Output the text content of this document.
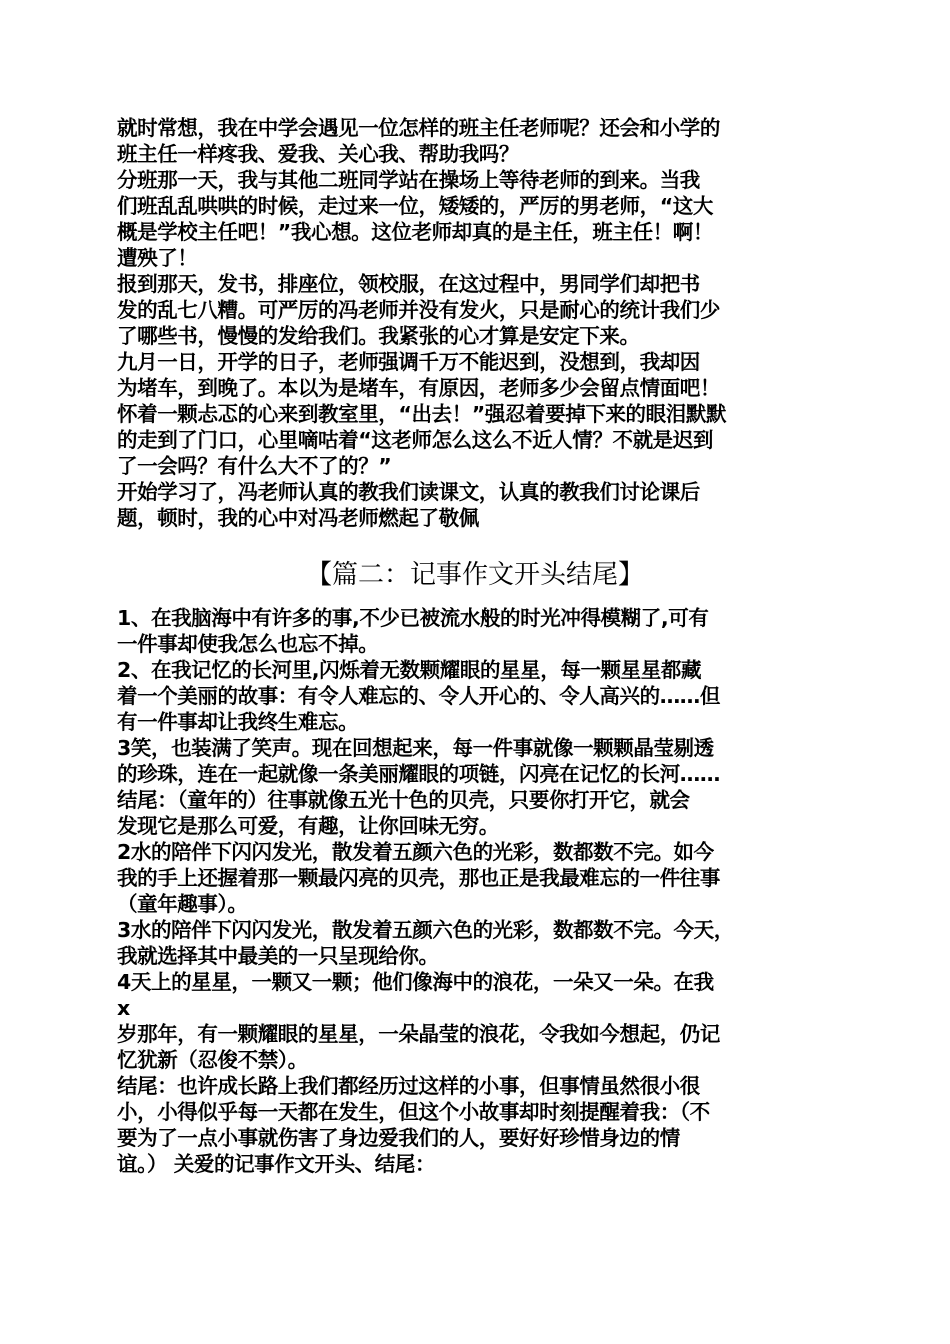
就时常想，我在中学会遇见一位怎样的班主任老师呢？还会和小学的
班主任一样疼我、爱我、关心我、帮助我吗？
分班那一天，我与其他二班同学站在操场上等待老师的到来。当我
们班乱乱哄哄的时候，走过来一位，矮矮的，严厉的男老师，“这大
概是学校主任吧！”我心想。这位老师却真的是主任，班主任！啊！
遭殃了！
报到那天，发书，排座位，领校服，在这过程中，男同学们却把书
发的乱七八糟。可严厉的冯老师并没有发火，只是耐心的统计我们少
了哪些书，慢慢的发给我们。我紧张的心才算是安定下来。
九月一日，开学的日子，老师强调千万不能迟到，没想到，我却因
为堵车，到晚了。本以为是堵车，有原因，老师多少会留点情面吧！
怀着一颗忐忑的心来到教室里，“出去！”强忍着要掉下来的眼泪默默
的走到了门口，心里嘀咕着“这老师怎么这么不近人情？不就是迟到
了一会吗？有什么大不了的？”
开始学习了，冯老师认真的教我们读课文，认真的教我们讨论课后
题，顿时，我的心中对冯老师燃起了敬佩
【篇二：记事作文开头结尾】
1、在我脑海中有许多的事,不少已被流水般的时光冲得模糊了,可有
一件事却使我怎么也忘不掉。
2、在我记忆的长河里,闪烁着无数颗耀眼的星星，每一颗星星都藏
着一个美丽的故事：有令人难忘的、令人开心的、令人高兴的……但
有一件事却让我终生难忘。
3笑，也装满了笑声。现在回想起来，每一件事就像一颗颗晶莹剔透
的珍珠，连在一起就像一条美丽耀眼的项链，闪亮在记忆的长河……
结尾：（童年的）往事就像五光十色的贝壳，只要你打开它，就会
发现它是那么可爱，有趣，让你回味无穷。
2水的陪伴下闪闪发光，散发着五颜六色的光彩，数都数不完。如今
我的手上还握着那一颗最闪亮的贝壳，那也正是我最难忘的一件往事
（童年趣事）。
3水的陪伴下闪闪发光，散发着五颜六色的光彩，数都数不完。今天，
我就选择其中最美的一只呈现给你。
4天上的星星，一颗又一颗；他们像海中的浪花，一朵又一朵。在我
x
岁那年，有一颗耀眼的星星，一朵晶莹的浪花，令我如今想起，仍记
忆犹新（忍俊不禁）。
结尾：也许成长路上我们都经历过这样的小事，但事情虽然很小很
小，小得似乎每一天都在发生，但这个小故事却时刻提醒着我：（不
要为了一点小事就伤害了身边爱我们的人，要好好珍惜身边的情
谊。） 关爱的记事作文开头、结尾：
